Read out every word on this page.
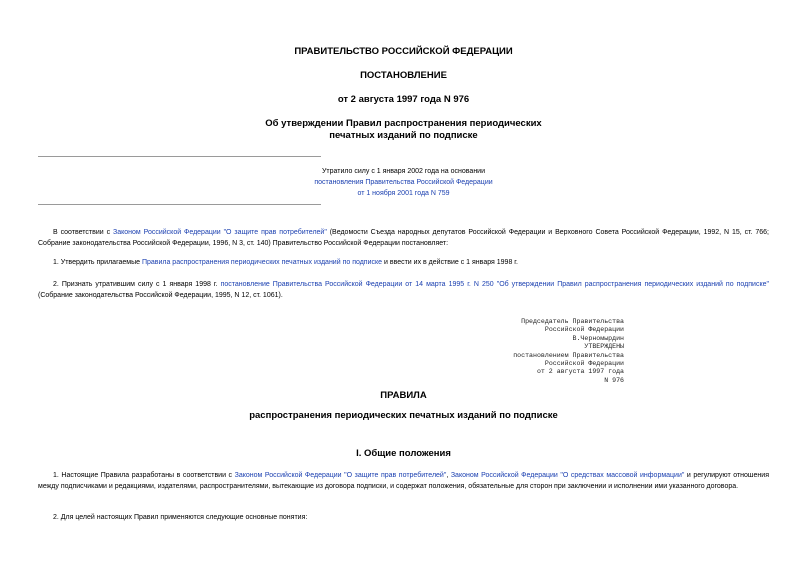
ПРАВИТЕЛЬСТВО РОССИЙСКОЙ ФЕДЕРАЦИИ
ПОСТАНОВЛЕНИЕ
от 2 августа 1997 года N 976
Об утверждении Правил распространения периодических
печатных изданий по подписке
Утратило силу с 1 января 2002 года на основании
постановления Правительства Российской Федерации
от 1 ноября 2001 года N 759
В соответствии с Законом Российской Федерации "О защите прав потребителей" (Ведомости Съезда народных депутатов Российской Федерации и Верховного Совета Российской Федерации, 1992, N 15, ст. 766; Собрание законодательства Российской Федерации, 1996, N 3, ст. 140) Правительство Российской Федерации постановляет:
1. Утвердить прилагаемые Правила распространения периодических печатных изданий по подписке и ввести их в действие с 1 января 1998 г.
2. Признать утратившим силу с 1 января 1998 г. постановление Правительства Российской Федерации от 14 марта 1995 г. N 250 "Об утверждении Правил распространения периодических изданий по подписке" (Собрание законодательства Российской Федерации, 1995, N 12, ст. 1061).
Председатель Правительства
Российской Федерации
В.Черномырдин
УТВЕРЖДЕНЫ
постановлением Правительства
Российской Федерации
от 2 августа 1997 года
N 976
ПРАВИЛА
распространения периодических печатных изданий по подписке
I. Общие положения
1. Настоящие Правила разработаны в соответствии с Законом Российской Федерации "О защите прав потребителей", Законом Российской Федерации "О средствах массовой информации" и регулируют отношения между подписчиками и редакциями, издателями, распространителями, вытекающие из договора подписки, и содержат положения, обязательные для сторон при заключении и исполнении ими указанного договора.
2. Для целей настоящих Правил применяются следующие основные понятия:
